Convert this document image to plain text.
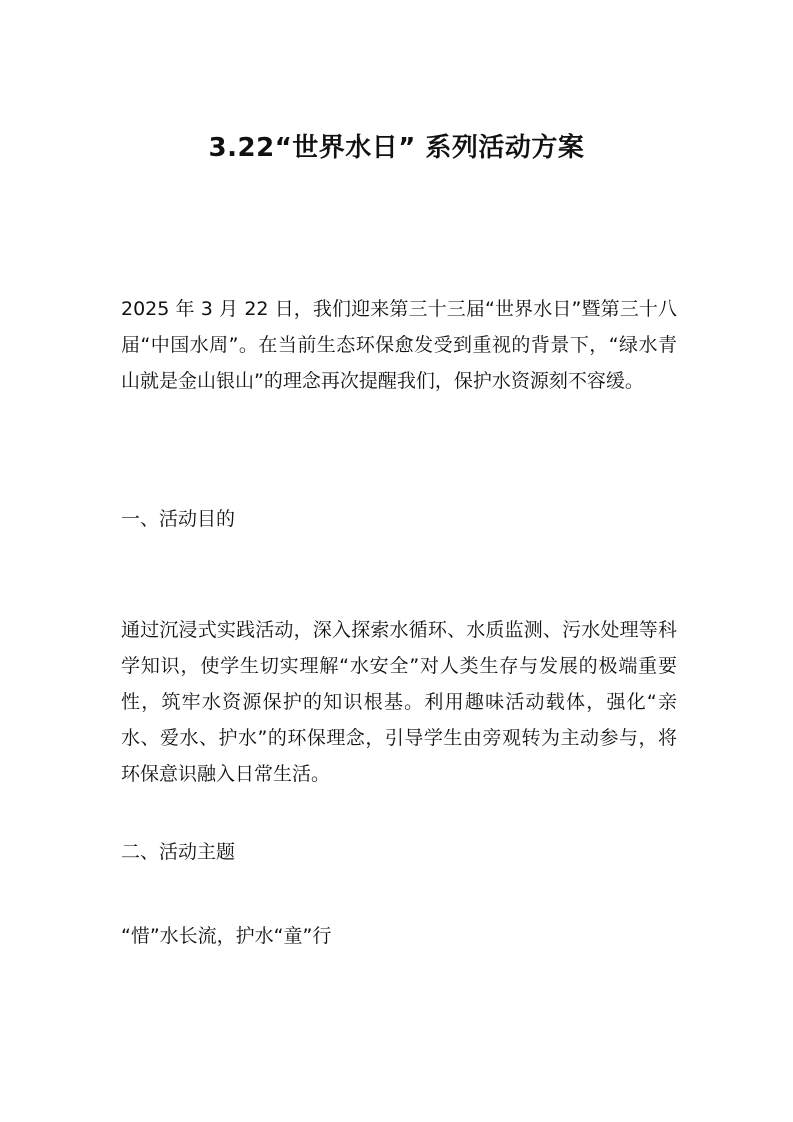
3.22“世界水日” 系列活动方案

2025 年 3 月 22 日，我们迎来第三十三届“世界水日”暨第三十八届“中国水周”。在当前生态环保愈发受到重视的背景下，“绿水青山就是金山银山”的理念再次提醒我们，保护水资源刻不容缓。

一、活动目的

通过沉浸式实践活动，深入探索水循环、水质监测、污水处理等科学知识，使学生切实理解“水安全”对人类生存与发展的极端重要性，筑牢水资源保护的知识根基。利用趣味活动载体，强化“亲水、爱水、护水”的环保理念，引导学生由旁观转为主动参与，将环保意识融入日常生活。

二、活动主题

“惜”水长流，护水“童”行
